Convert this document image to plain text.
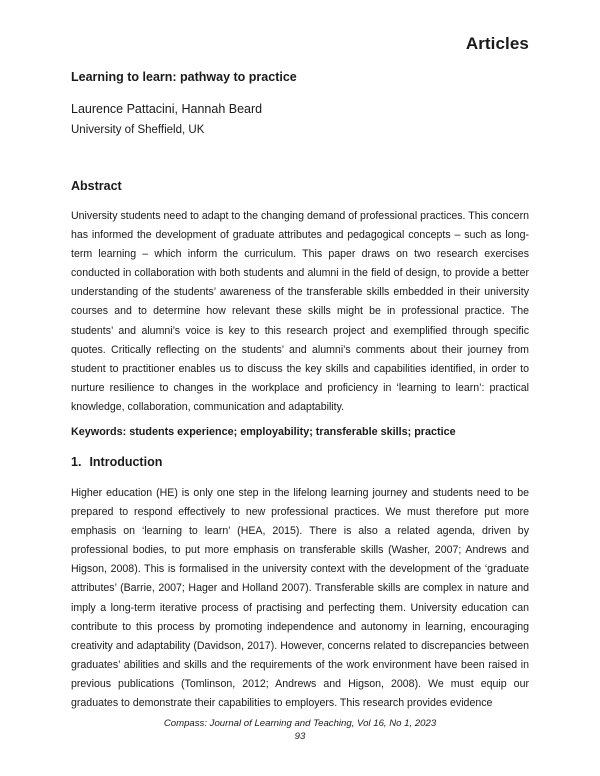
Articles
Learning to learn: pathway to practice
Laurence Pattacini, Hannah Beard
University of Sheffield, UK
Abstract

University students need to adapt to the changing demand of professional practices. This concern has informed the development of graduate attributes and pedagogical concepts – such as long-term learning – which inform the curriculum. This paper draws on two research exercises conducted in collaboration with both students and alumni in the field of design, to provide a better understanding of the students’ awareness of the transferable skills embedded in their university courses and to determine how relevant these skills might be in professional practice. The students’ and alumni’s voice is key to this research project and exemplified through specific quotes. Critically reflecting on the students’ and alumni’s comments about their journey from student to practitioner enables us to discuss the key skills and capabilities identified, in order to nurture resilience to changes in the workplace and proficiency in ‘learning to learn’: practical knowledge, collaboration, communication and adaptability.

Keywords: students experience; employability; transferable skills; practice
1. Introduction

Higher education (HE) is only one step in the lifelong learning journey and students need to be prepared to respond effectively to new professional practices. We must therefore put more emphasis on ‘learning to learn’ (HEA, 2015). There is also a related agenda, driven by professional bodies, to put more emphasis on transferable skills (Washer, 2007; Andrews and Higson, 2008). This is formalised in the university context with the development of the ‘graduate attributes’ (Barrie, 2007; Hager and Holland 2007). Transferable skills are complex in nature and imply a long-term iterative process of practising and perfecting them. University education can contribute to this process by promoting independence and autonomy in learning, encouraging creativity and adaptability (Davidson, 2017). However, concerns related to discrepancies between graduates’ abilities and skills and the requirements of the work environment have been raised in previous publications (Tomlinson, 2012; Andrews and Higson, 2008). We must equip our graduates to demonstrate their capabilities to employers. This research provides evidence

Compass: Journal of Learning and Teaching, Vol 16, No 1, 2023
93
